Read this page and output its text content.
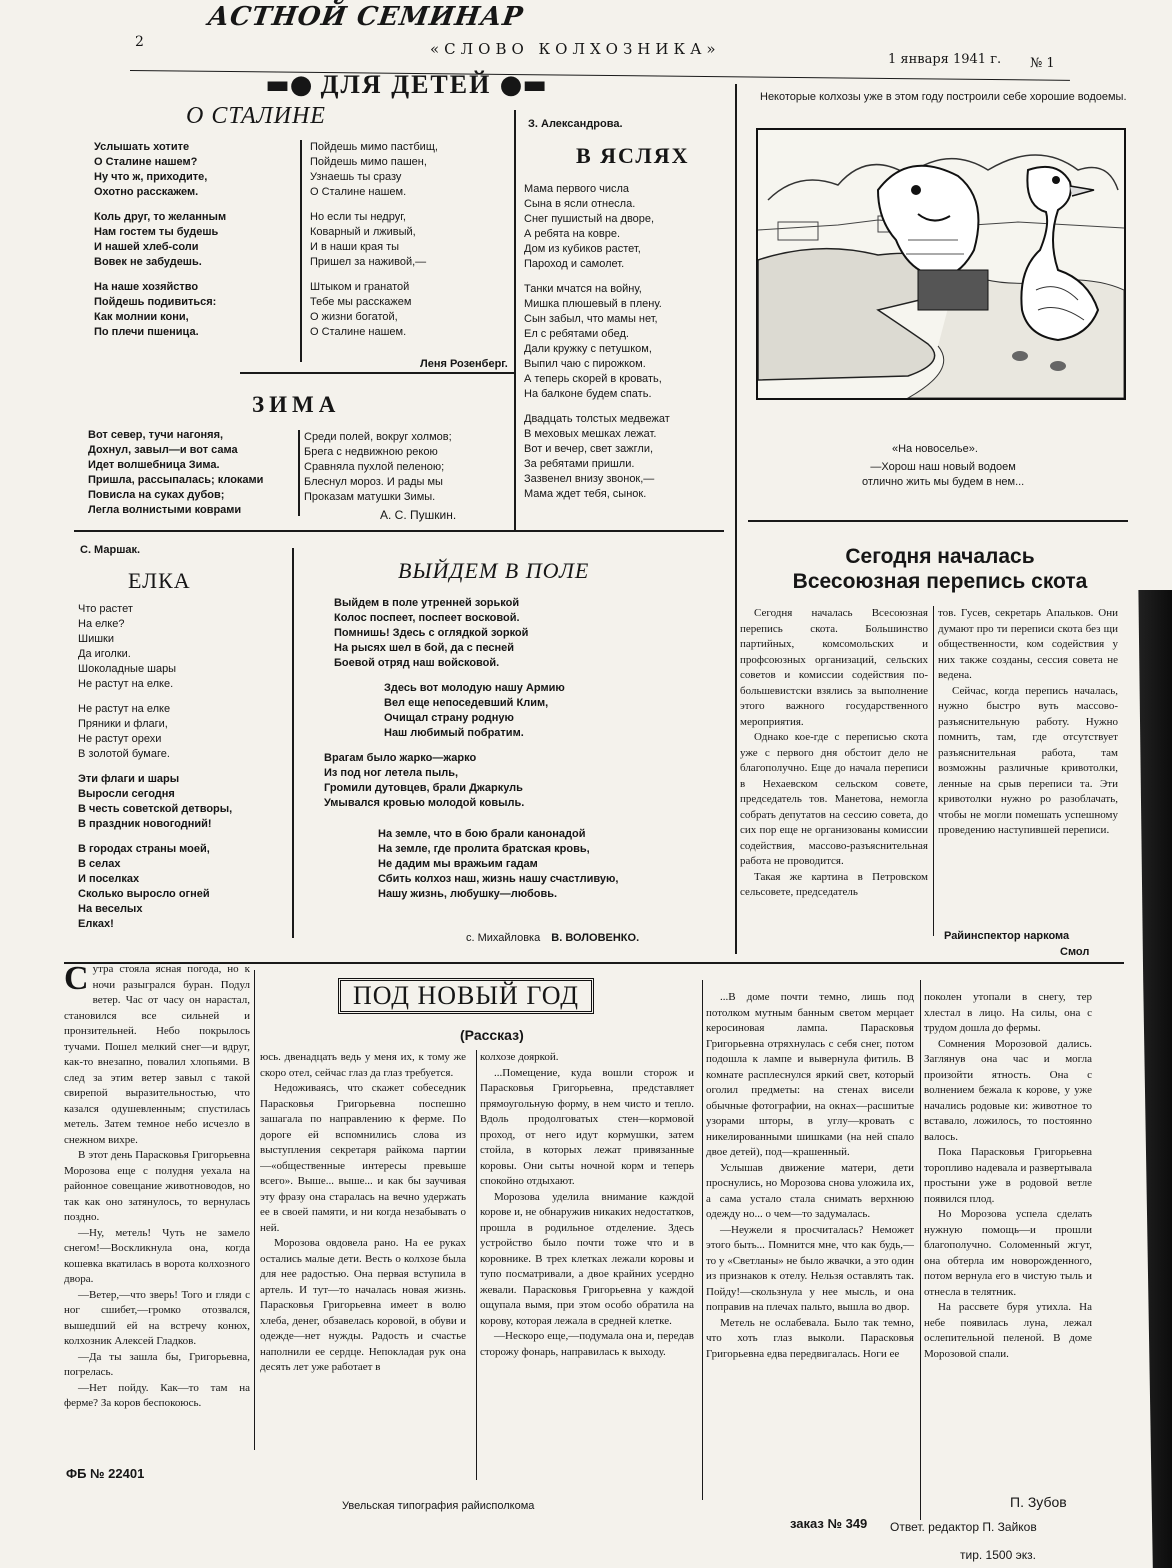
АСТНОЙ СЕМИНАР
2	«СЛОВО КОЛХОЗНИКА»
1 января 1941 г. № 1
▬● ДЛЯ ДЕТЕЙ ●▬
О СТАЛИНЕ
Услышать хотите
О Сталине нашем?
Ну что ж, приходите,
Охотно расскажем.
Коль друг, то желанным
Нам гостем ты будешь
И нашей хлеб-соли
Вовек не забудешь.
На наше хозяйство
Пойдешь подивиться:
Как молнии кони,
По плечи пшеница.
Пойдешь мимо пастбищ,
Пойдешь мимо пашен,
Узнаешь ты сразу
О Сталине нашем.
Но если ты недруг,
Коварный и лживый,
И в наши края ты
Пришел за наживой,—
Штыком и гранатой
Тебе мы расскажем
О жизни богатой,
О Сталине нашем.
Леня Розенберг.
З. Александрова.
В ЯСЛЯХ
Мама первого числа
Сына в ясли отнесла.
Снег пушистый на дворе,
А ребята на ковре.
Дом из кубиков растет,
Пароход и самолет.
Танки мчатся на войну,
Мишка плюшевый в плену.
Сын забыл, что мамы нет,
Ел с ребятами обед.
Дали кружку с петушком,
Выпил чаю с пирожком.
А теперь скорей в кровать,
На балконе будем спать.
Двадцать толстых медвежат
В меховых мешках лежат.
Вот и вечер, свет зажгли,
За ребятами пришли.
Зазвенел внизу звонок,—
Мама ждет тебя, сынок.
ЗИМА
Вот север, тучи нагоняя,
Дохнул, завыл—и вот сама
Идет волшебница Зима.
Пришла, рассыпалась; клоками
Повисла на суках дубов;
Легла волнистыми коврами
Среди полей, вокруг холмов;
Брега с недвижною рекою
Сравняла пухлой пеленою;
Блеснул мороз. И рады мы
Проказам матушки Зимы.
А. С. Пушкин.
С. Маршак.
ЕЛКА
Что растет
На елке?
Шишки
Да иголки.
Шоколадные шары
Не растут на елке.
Не растут на елке
Пряники и флаги,
Не растут орехи
В золотой бумаге.
Эти флаги и шары
Выросли сегодня
В честь советской детворы,
В праздник новогодний!
В городах страны моей,
В селах
И поселках
Сколько выросло огней
На веселых
Елках!
ВЫЙДЕМ В ПОЛЕ
Выйдем в поле утренней зорькой
Колос поспеет, поспеет восковой.
Помнишь! Здесь с оглядкой зоркой
На рысях шел в бой, да с песней
Боевой отряд наш войсковой.
Здесь вот молодую нашу Армию
Вел еще непоседевший Клим,
Очищал страну родную
Наш любимый побратим.
Врагам было жарко—жарко
Из под ног летела пыль,
Громили дутовцев, брали Джаркуль
Умывался кровью молодой ковыль.
На земле, что в бою брали канонадой
На земле, где пролита братская кровь,
Не дадим мы вражьим гадам
Сбить колхоз наш, жизнь нашу счастливую,
Нашу жизнь, любушку—любовь.
с. Михайловка В. ВОЛОВЕНКО.
Некоторые колхозы уже в этом году построили себе хорошие водоемы.
«На новоселье».
—Хорош наш новый водоем
отлично жить мы будем в нем...
Сегодня началась
Всесоюзная перепись скота

Сегодня началась Всесоюзная перепись скота. Большинство партийных, комсомольских и профсоюзных организаций, сельских советов и комиссии содействия по-большевистски взялись за выполнение этого важного государственного мероприятия.

Однако кое-где с переписью скота уже с первого дня обстоит дело не благополучно. Еще до начала переписи в Нехаевском сельском совете, председатель тов. Манетова, немогла собрать депутатов на сессию совета, до сих пор еще не организованы комиссии содействия, массово-разъяснительная работа не проводится.

Такая же картина в Петровском сельсовете, председатель

тов. Гусев, секретарь Апальков. Они думают про ти переписи скота без щи общественности, ком содействия у них также созданы, сессия совета не ведена.

Сейчас, когда перепись началась, нужно быстро вуть массово-разъяснительную работу. Нужно помнить, там, где отсутствует разъяснительная работа, там возможны различные кривотолки, ленные на срыв переписи та. Эти кривотолки нужно ро разоблачать, чтобы не могли помешать успешному проведению наступившей переписи.

Райинспектор наркома
Смол
ПОД НОВЫЙ ГОД
(Рассказ)
С утра стояла ясная погода, но к ночи разыгрался буран. Подул ветер. Час от часу он нарастал, становился все сильней и пронзительней. Небо покрылось тучами. Пошел мелкий снег—и вдруг, как-то внезапно, повалил хлопьями. В след за этим ветер завыл с такой свирепой выразительностью, что казался одушевленным; спустилась метель. Затем темное небо исчезло в снежном вихре.

В этот день Парасковья Григорьевна Морозова еще с полудня уехала на районное совещание животноводов, но так как оно затянулось, то вернулась поздно.

—Ну, метель! Чуть не замело снегом!—Воскликнула она, когда кошевка вкатилась в ворота колхозного двора.

—Ветер,—что зверь! Того и гляди с ног сшибет,—громко отозвался, вышедший ей на встречу конюх, колхозник Алексей Гладков.

—Да ты зашла бы, Григорьевна, погрелась.

—Нет пойду. Как—то там на ферме? За коров беспокоюсь.

юсь. двенадцать ведь у меня их, к тому же скоро отел, сейчас глаз да глаз требуется.

Недоживаясь, что скажет собеседник Парасковья Григорьевна поспешно зашагала по направлению к ферме. По дороге ей вспомнились слова из выступления секретаря райкома партии—«общественные интересы превыше всего». Выше... выше... и как бы заучивая эту фразу она старалась на вечно удержать ее в своей памяти, и ни когда незабывать о ней.

Морозова овдовела рано. На ее руках остались малые дети. Весть о колхозе была для нее радостью. Она первая вступила в артель. И тут—то началась новая жизнь. Парасковья Григорьевна имеет в волю хлеба, денег, обзавелась коровой, в обуви и одежде—нет нужды. Радость и счастье наполнили ее сердце. Непокладая рук она десять лет уже работает в

колхозе дояркой.

...Помещение, куда вошли сторож и Парасковья Григорьевна, представляет прямоугольную форму, в нем чисто и тепло. Вдоль продолговатых стен—кормовой проход, от него идут кормушки, затем стойла, в которых лежат привязанные коровы. Они сыты ночной корм и теперь спокойно отдыхают.

Морозова уделила внимание каждой корове и, не обнаружив никаких недостатков, прошла в родильное отделение. Здесь устройство было почти тоже что и в коровнике. В трех клетках лежали коровы и тупо посматривали, а двое крайних усердно жевали. Парасковья Григорьевна у каждой ощупала вымя, при этом особо обратила на корову, которая лежала в средней клетке.

—Нескоро еще,—подумала она и, передав сторожу фонарь, направилась к выходу.

...В доме почти темно, лишь под потолком мутным банным светом мерцает керосиновая лампа. Парасковья Григорьевна отряхнулась с себя снег, потом подошла к лампе и вывернула фитиль. В комнате расплеснулся яркий свет, который оголил предметы: на стенах висели обычные фотографии, на окнах—расшитые узорами шторы, в углу—кровать с никелированными шишками (на ней спало двое детей), под—крашенный.

Услышав движение матери, дети проснулись, но Морозова снова уложила их, а сама устало стала снимать верхнюю одежду но... о чем—то задумалась.

—Неужели я просчиталась? Неможет этого быть... Помнится мне, что как будь,—то у «Светланы» не было жвачки, а это один из признаков к отелу. Нельзя оставлять так. Пойду!—скользнула у нее мысль, и она поправив на плечах пальто, вышла во двор.

Метель не ослабевала. Было так темно, что хоть глаз выколи. Парасковья Григорьевна едва передвигалась. Ноги ее

поколен утопали в снегу, тер хлестал в лицо. На силы, она с трудом дошла до фермы.

Сомнения Морозовой дались. Заглянув она час и могла произойти ятность. Она с волнением бежала к корове, у уже начались родовые ки: животное то вставало, ложилось, то постоянно валось.

Пока Парасковья Григорьевна торопливо надевала и развертывала простыни уже в родовой ветле появился плод.

Но Морозова успела сделать нужную помощь—и прошли благополучно. Соломенный жгут, она обтерла им новорожденного, потом вернула его в чистую тыль и отнесла в телятник.

На рассвете буря утихла. На небе появилась луна, лежал ослепительной пеленой. В доме Морозовой спали.

П. Зубов
ФБ № 22401
Увельская типография райисполкома
заказ № 349 Ответ. редактор П. Зайков
тир. 1500 экз.
